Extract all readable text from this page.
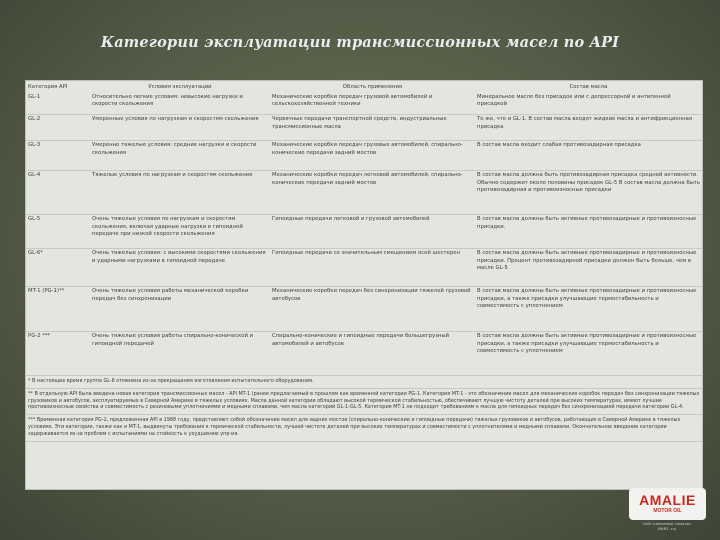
Категории эксплуатации трансмиссионных масел по API
Категория API	Условия эксплуатации	Область применения	Состав масла
GL-1	Относительно легкие условия: невысокие нагрузки и скорости скольжения	Механические коробки передач грузовой автомобилей и сельскохозяйственной техники	Минеральное масло без присадок или с депрессорной и антипенной присадкой
GL-2	Умеренные условия по нагрузкам и скоростям скольжения	Червячные передачи транспортной средств, индустриальные трансмиссионные масла	То же, что и GL-1. В состав масла входят жидкие масла и антифрикционная присадка
GL-3	Умеренно тяжелые условия: средние нагрузки и скорости скольжения	Механические коробки передач грузовых автомобилей, спирально-конические передачи задний мостов	В состав масла входит слабая противозадирная присадка
GL-4	Тяжелые условия по нагрузкам и скоростям скольжения	Механические коробки передач легковой автомобилей, спирально-конические передачи задний мостов	В состав масла должна быть противозадирная присадка средней активности. Обычно содержит около половины присадок GL-5 В состав масла должна быть противозадирная и противоизносные присадки
GL-5	Очень тяжелые условия по нагрузкам и скоростям скольжения, включая ударные нагрузки в гипоидной передаче при низкой скорости скольжения	Гипоидные передачи легковой и грузовой автомобилей	В состав масла должны быть активные противозадирные и противоизносные присадки.
GL-6*	Очень тяжелые условия: с высокими скоростями скольжения и ударными нагрузками в гипоидной передаче	Гипоидные передачи со значительным смещением осей шестерен	В состав масла должны быть активные противозадирные и противоизносные присадки. Процент противозадирной присадки должен быть больше, чем в масле GL-5
MT-1 (PG-1)**	Очень тяжелые условия работы механической коробки передач без синхронизации	Механические коробки передач без синхронизации тяжелой грузовой автобусов	В состав масла должны быть активные противозадирные и противоизносные присадки, а также присадки улучшающие термостабильность и совместимость с уплотнением
PG-2 ***	Очень тяжелые условия работы спирально-конической и гипоидной передачей	Спирально-конические и гипоидные передачи большегрузный автомобилей и автобусов	В состав масла должны быть активные противозадирные и противоизносные присадки, а также присадки улучшающие термостабильность и совместимость с уплотнением
* В настоящее время группа GL-6 отменена из-за прекращения изготовления испытательного оборудования.
** В отдельную API была введена новая категория трансмиссионных масел - API MT-1 (ранее предлагаемый в прошлом как временной категории PG-1. Категория MT-1 - это обозначение масел для механических коробок передач без синхронизации тяжелых грузовиков и автобусов, эксплуатируемых в Северной Америке в тяжелых условиях. Масла данной категории обладают высокой термической стабильностью, обеспечивают лучшую чистоту деталей при высоких температурах, имеют лучшие противоизносные свойства и совместимость с резиновыми уплотнениями и медными сплавами, чем масла категорий GL-1-GL-5. Категория MT-1 не подходит требованиям к масла для гипоидных передач без синхронизацией передачи категории GL-4.
*** Временная категория PG-2, предложенная API в 1988 году, представляет собой обозначение масел для задних мостов (спирально-конические и гипоидные передачи) тяжелых грузовиков и автобусов, работающих в Северной Америке в тяжелых условиях. Эти категории, также как и MT-1, выдвинуты требования к термической стабильности, лучшей чистоте деталей при высоких температурах и совместимости с уплотнителями и медными сплавами. Окончательное введение категории задерживается из-за проблем с испытаниями на стойкость к ухудшению упр-ия.
AMALIE
MOTOR OIL
Сайт компании «Амали»
(PAR1 .ru)
